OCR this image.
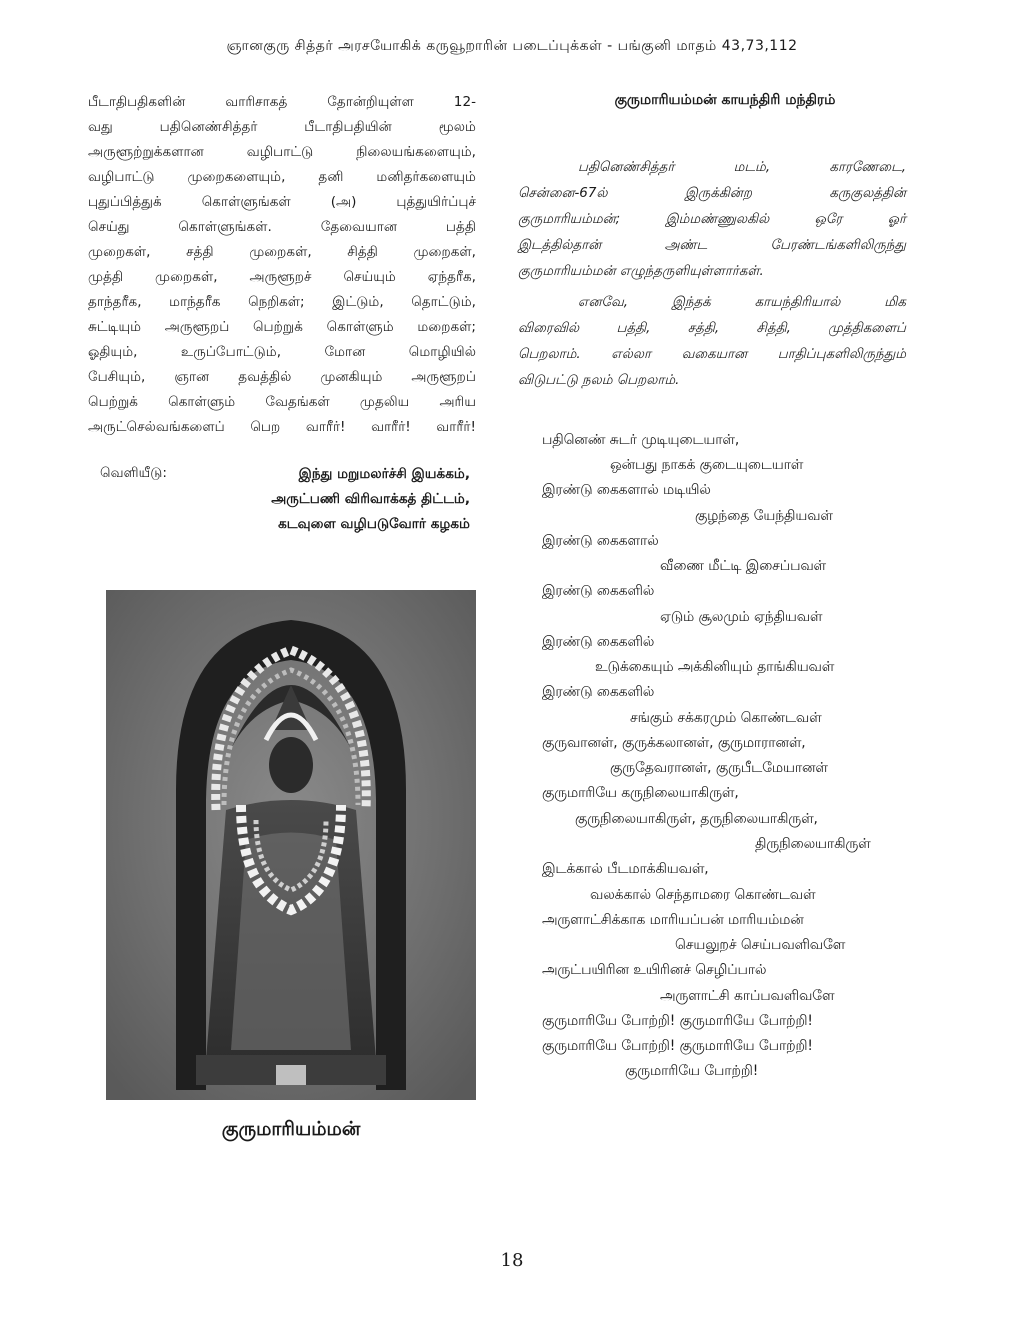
ஞானகுரு சித்தர் அரசயோகிக் கருவூறாரின் படைப்புக்கள் - பங்குனி மாதம் 43,73,112
பீடாதிபதிகளின் வாரிசாகத் தோன்றியுள்ள 12-
வது பதினெண்சித்தர் பீடாதிபதியின் மூலம்
அருளூற்றுக்களான வழிபாட்டு நிலையங்களையும்,
வழிபாட்டு முறைகளையும், தனி மனிதர்களையும்
புதுப்பித்துக் கொள்ளுங்கள் (அ) புத்துயிர்ப்புச்
செய்து கொள்ளுங்கள். தேவையான பத்தி
முறைகள், சத்தி முறைகள், சித்தி முறைகள்,
முத்தி முறைகள், அருளூறச் செய்யும் ஏந்தரீக,
தாந்தரீக, மாந்தரீக நெறிகள்; இட்டும், தொட்டும்,
சுட்டியும் அருளூறப் பெற்றுக் கொள்ளும் மறைகள்;
ஓதியும், உருப்போட்டும், மோன மொழியில்
பேசியும், ஞான தவத்தில் முனகியும் அருளூறப்
பெற்றுக் கொள்ளும் வேதங்கள் முதலிய அரிய
அருட்செல்வங்களைப் பெற வாரீர்! வாரீர்! வாரீர்!
வெளியீடு:	இந்து மறுமலர்ச்சி இயக்கம்,
அருட்பணி விரிவாக்கத் திட்டம்,
கடவுளை வழிபடுவோர் கழகம்
குருமாரியம்மன்
குருமாரியம்மன் காயந்திரி மந்திரம்
பதினெண்சித்தர் மடம், காரணேடை,
சென்னை-67ல் இருக்கின்ற கருகுலத்தின்
குருமாரியம்மன்; இம்மண்ணுலகில் ஒரே ஓர்
இடத்தில்தான் அண்ட பேரண்டங்களிலிருந்து
குருமாரியம்மன் எழுந்தருளியுள்ளார்கள்.
எனவே, இந்தக் காயந்திரியால் மிக
விரைவில் பத்தி, சத்தி, சித்தி, முத்திகளைப்
பெறலாம். எல்லா வகையான பாதிப்புகளிலிருந்தும்
விடுபட்டு நலம் பெறலாம்.
பதினெண் சுடர் முடியுடையாள்,
ஒன்பது நாகக் குடையுடையாள்
இரண்டு கைகளால் மடியில்
குழந்தை யேந்தியவள்
இரண்டு கைகளால்
வீணை மீட்டி இசைப்பவள்
இரண்டு கைகளில்
ஏடும் சூலமும் ஏந்தியவள்
இரண்டு கைகளில்
உடுக்கையும் அக்கினியும் தாங்கியவள்
இரண்டு கைகளில்
சங்கும் சக்கரமும் கொண்டவள்
குருவானள், குருக்கலானள், குருமாரானள்,
குருதேவரானள், குருபீடமேயானள்
குருமாரியே கருநிலையாகிருள்,
குருநிலையாகிருள், தருநிலையாகிருள்,
திருநிலையாகிருள்
இடக்கால் பீடமாக்கியவள்,
வலக்கால் செந்தாமரை கொண்டவள்
அருளாட்சிக்காக மாரியப்பன் மாரியம்மன்
செயலுறச் செய்பவளிவளே
அருட்பயிரின உயிரினச் செழிப்பால்
அருளாட்சி காப்பவளிவளே
குருமாரியே போற்றி! குருமாரியே போற்றி!
குருமாரியே போற்றி! குருமாரியே போற்றி!
குருமாரியே போற்றி!
18
